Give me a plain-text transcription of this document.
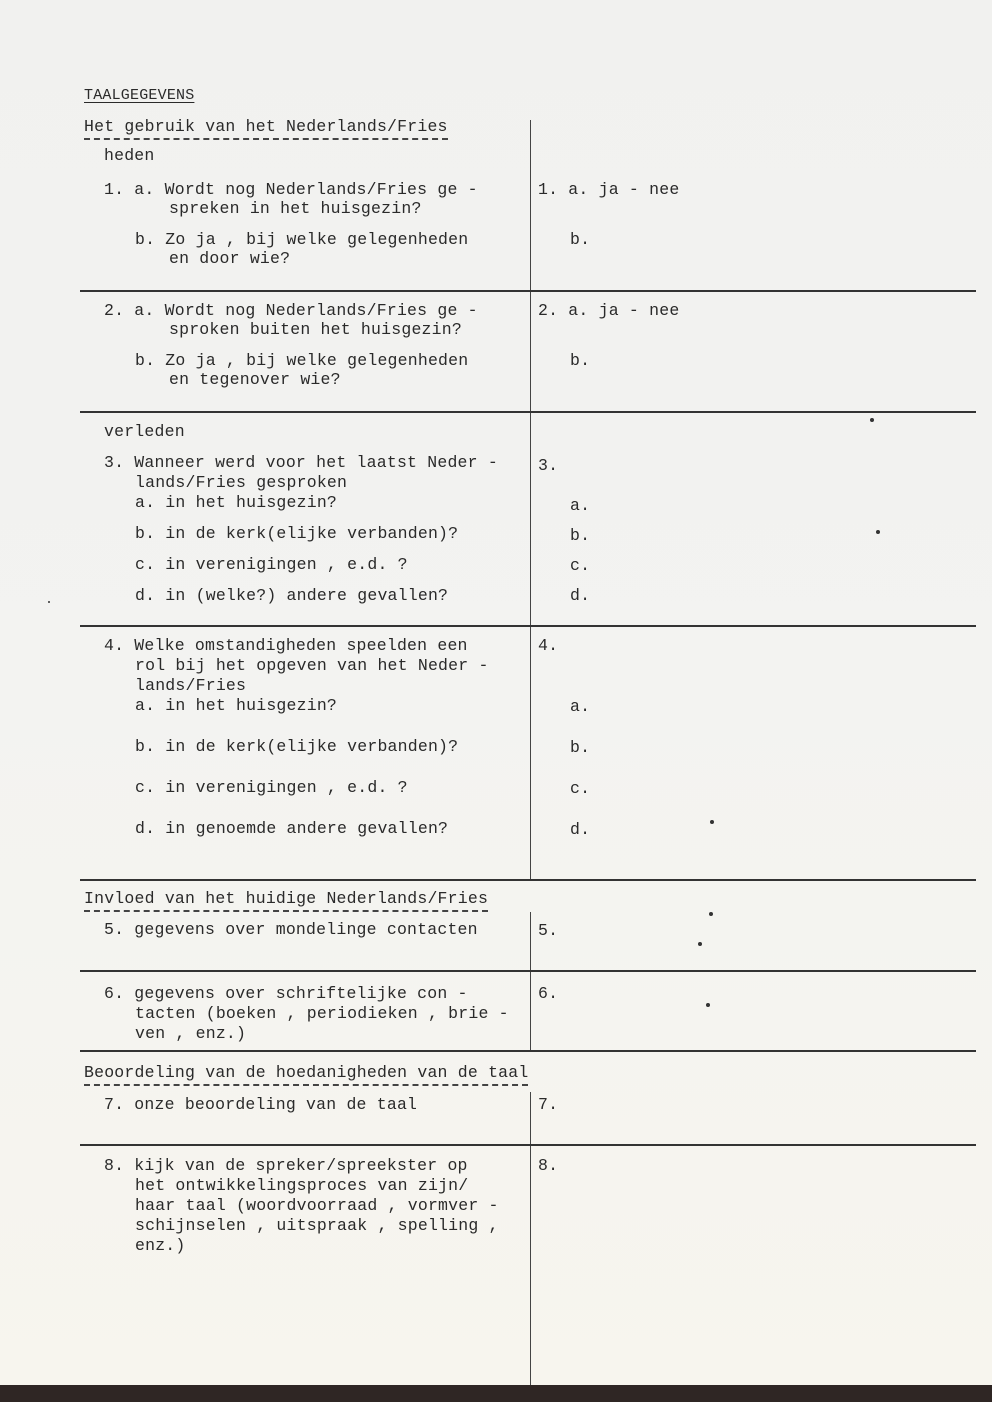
TAALGEGEVENS
Het gebruik van het Nederlands/Fries
heden
1. a. Wordt nog Nederlands/Fries ge -
spreken in het huisgezin?
b. Zo ja , bij welke gelegenheden
en door wie?
1. a. ja - nee
b.
2. a. Wordt nog Nederlands/Fries ge -
sproken buiten het huisgezin?
b. Zo ja , bij welke gelegenheden
en tegenover wie?
2. a. ja - nee
b.
verleden
3. Wanneer werd voor het laatst Neder -
lands/Fries gesproken
a. in het huisgezin?
b. in de kerk(elijke verbanden)?
c. in verenigingen , e.d. ?
d. in (welke?) andere gevallen?
3.
a.
b.
c.
d.
4. Welke omstandigheden speelden een
rol bij het opgeven van het Neder -
lands/Fries
a. in het huisgezin?
b. in de kerk(elijke verbanden)?
c. in verenigingen , e.d. ?
d. in genoemde andere gevallen?
4.
a.
b.
c.
d.
Invloed van het huidige Nederlands/Fries
5. gegevens over mondelinge contacten	5.
6. gegevens over schriftelijke con -
tacten (boeken , periodieken , brie -
ven , enz.)
6.
Beoordeling van de hoedanigheden van de taal
7. onze beoordeling van de taal	7.
8. kijk van de spreker/spreekster op
het ontwikkelingsproces van zijn/
haar taal (woordvoorraad , vormver -
schijnselen , uitspraak , spelling ,
enz.)
8.
